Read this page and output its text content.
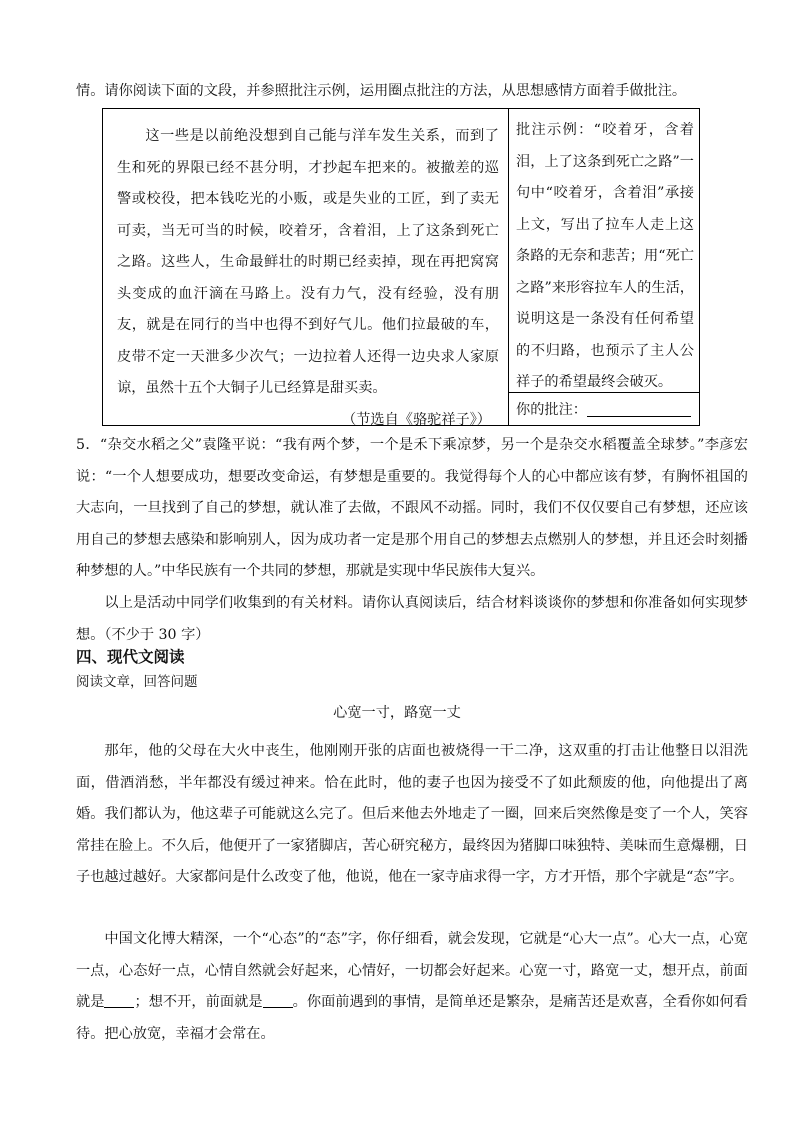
情。请你阅读下面的文段，并参照批注示例，运用圈点批注的方法，从思想感情方面着手做批注。

这一些是以前绝没想到自己能与洋车发生关系，而到了生和死的界限已经不甚分明，才抄起车把来的。被撤差的巡警或校役，把本钱吃光的小贩，或是失业的工匠，到了卖无可卖，当无可当的时候，咬着牙，含着泪，上了这条到死亡之路。这些人，生命最鲜壮的时期已经卖掉，现在再把窝窝头变成的血汗滴在马路上。没有力气，没有经验，没有朋友，就是在同行的当中也得不到好气儿。他们拉最破的车，皮带不定一天泄多少次气；一边拉着人还得一边央求人家原谅，虽然十五个大铜子儿已经算是甜买卖。
（节选自《骆驼祥子》）

批注示例：“咬着牙，含着泪，上了这条到死亡之路”一句中“咬着牙，含着泪”承接上文，写出了拉车人走上这条路的无奈和悲苦；用“死亡之路”来形容拉车人的生活，说明这是一条没有任何希望的不归路，也预示了主人公祥子的希望最终会破灭。

你的批注：

5．“杂交水稻之父”袁隆平说：“我有两个梦，一个是禾下乘凉梦，另一个是杂交水稻覆盖全球梦。”李彦宏说：“一个人想要成功，想要改变命运，有梦想是重要的。我觉得每个人的心中都应该有梦，有胸怀祖国的大志向，一旦找到了自己的梦想，就认准了去做，不跟风不动摇。同时，我们不仅仅要自己有梦想，还应该用自己的梦想去感染和影响别人，因为成功者一定是那个用自己的梦想去点燃别人的梦想，并且还会时刻播种梦想的人。”中华民族有一个共同的梦想，那就是实现中华民族伟大复兴。

以上是活动中同学们收集到的有关材料。请你认真阅读后，结合材料谈谈你的梦想和你准备如何实现梦想。（不少于 30 字）

四、现代文阅读
阅读文章，回答问题
心宽一寸，路宽一丈

那年，他的父母在大火中丧生，他刚刚开张的店面也被烧得一干二净，这双重的打击让他整日以泪洗面，借酒消愁，半年都没有缓过神来。恰在此时，他的妻子也因为接受不了如此颓废的他，向他提出了离婚。我们都认为，他这辈子可能就这么完了。但后来他去外地走了一圈，回来后突然像是变了一个人，笑容常挂在脸上。不久后，他便开了一家猪脚店，苦心研究秘方，最终因为猪脚口味独特、美味而生意爆棚，日子也越过越好。大家都问是什么改变了他，他说，他在一家寺庙求得一字，方才开悟，那个字就是“态”字。

中国文化博大精深，一个“心态”的“态”字，你仔细看，就会发现，它就是“心大一点”。心大一点，心宽一点，心态好一点，心情自然就会好起来，心情好，一切都会好起来。心宽一寸，路宽一丈，想开点，前面就是 ；想不开，前面就是 。你面前遇到的事情，是简单还是繁杂，是痛苦还是欢喜，全看你如何看待。把心放宽，幸福才会常在。
